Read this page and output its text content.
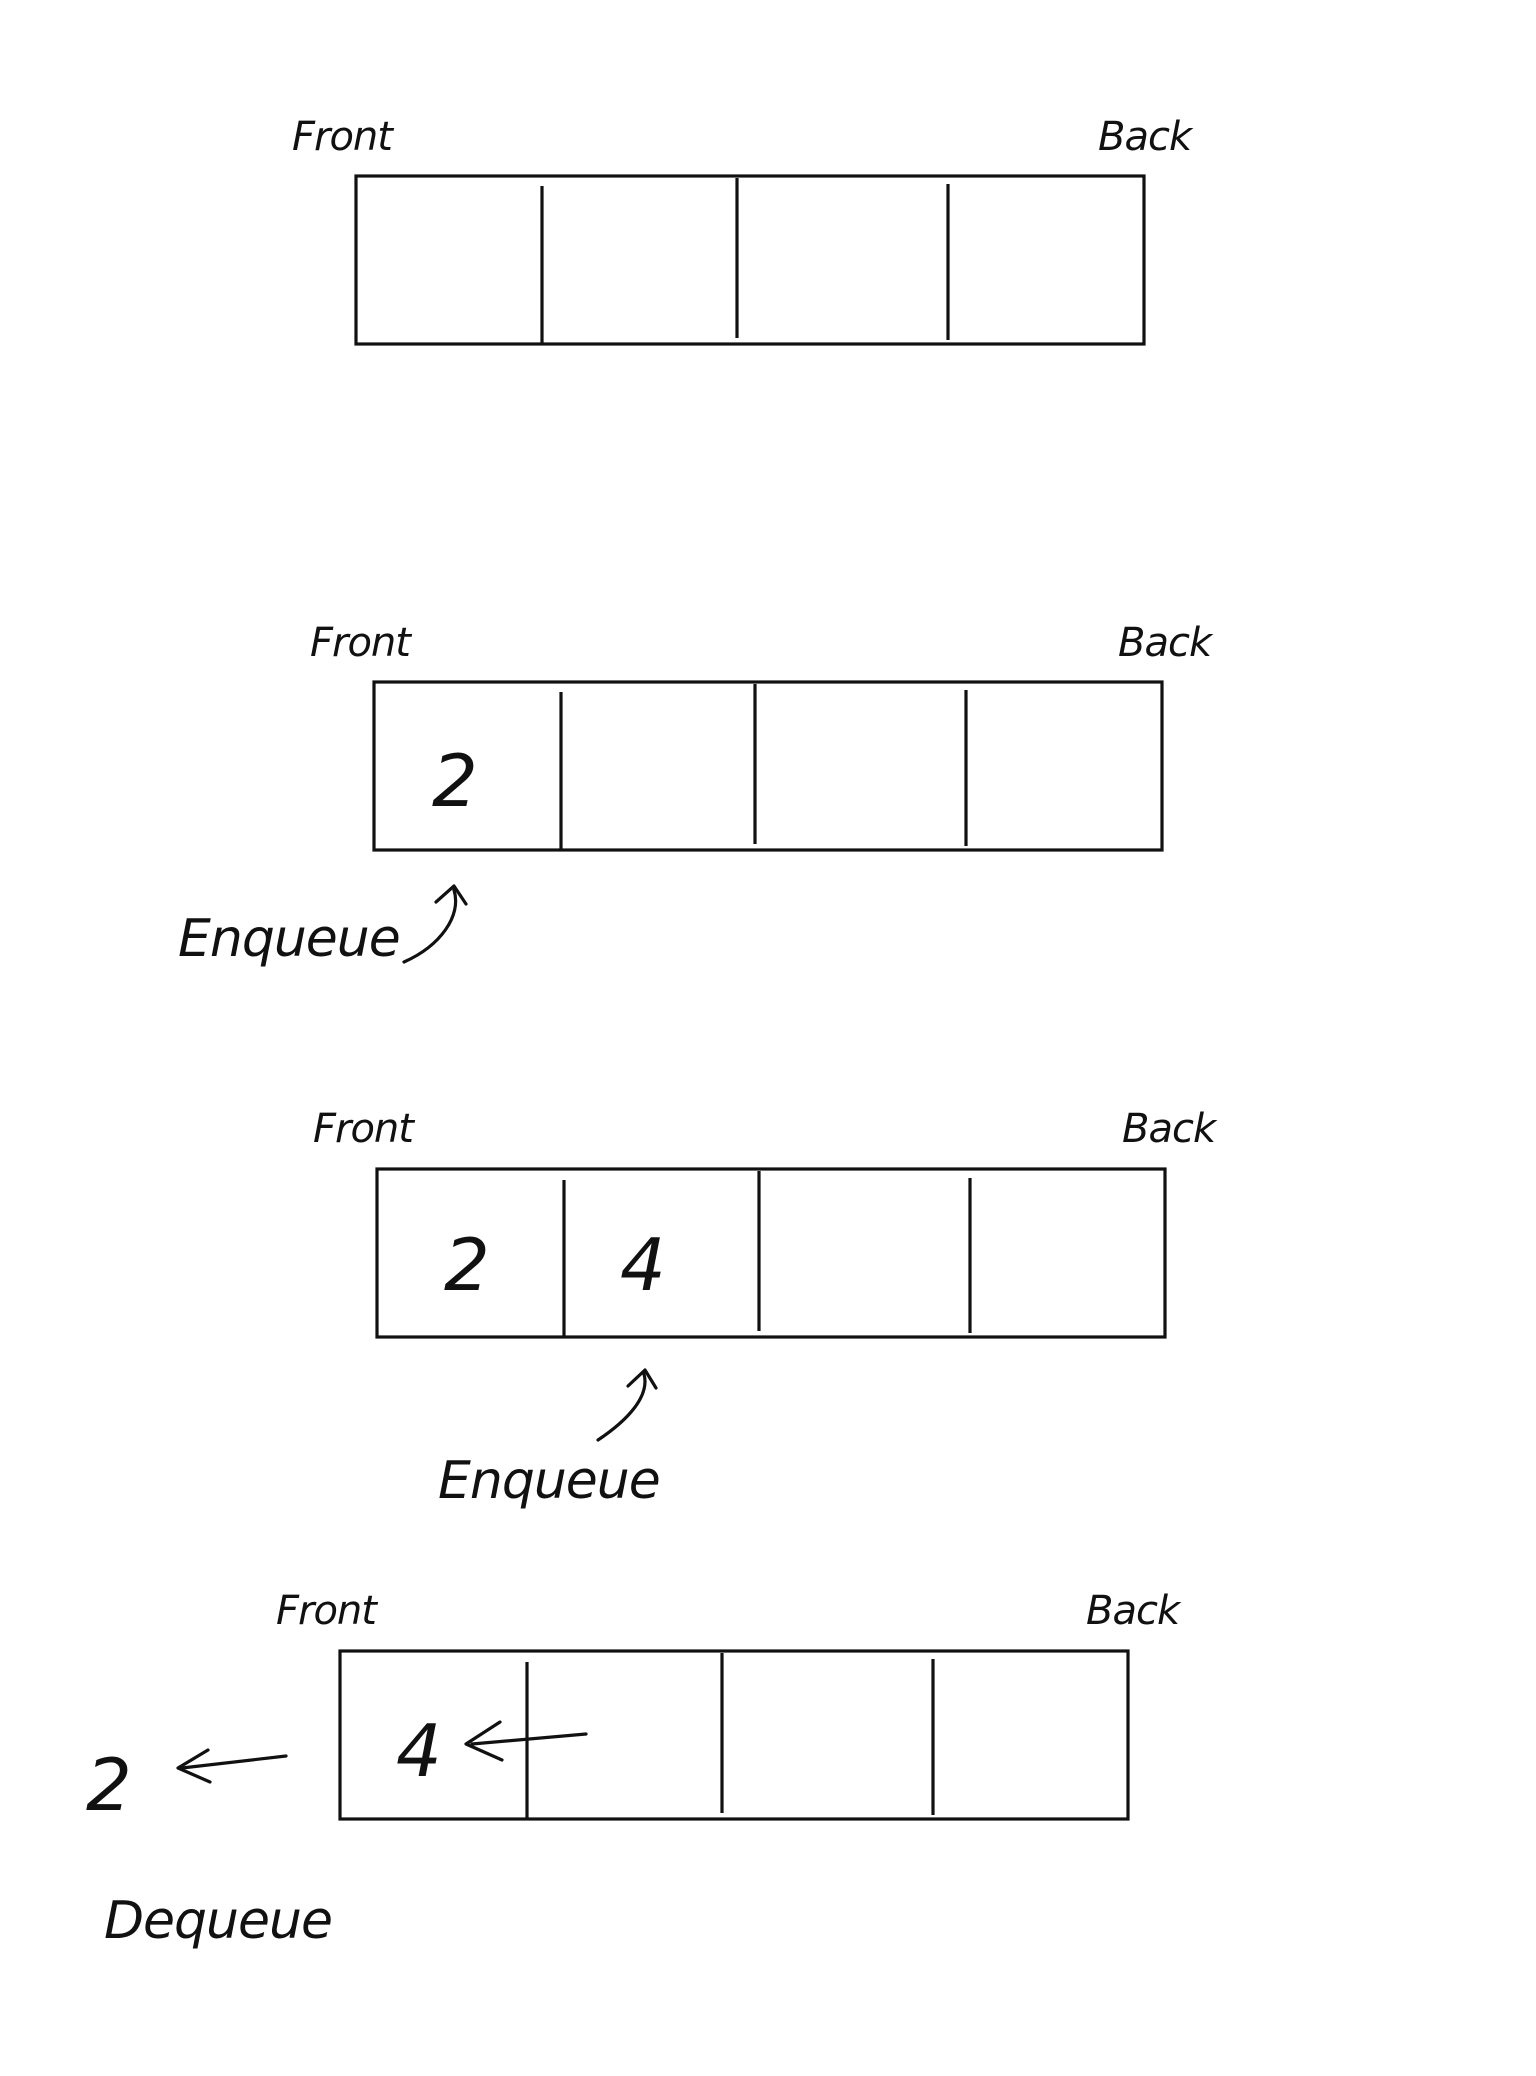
Front	Back
Front	Back
2
Enqueue
Front	Back
2 4
Enqueue
Front	Back
4
2
Dequeue
